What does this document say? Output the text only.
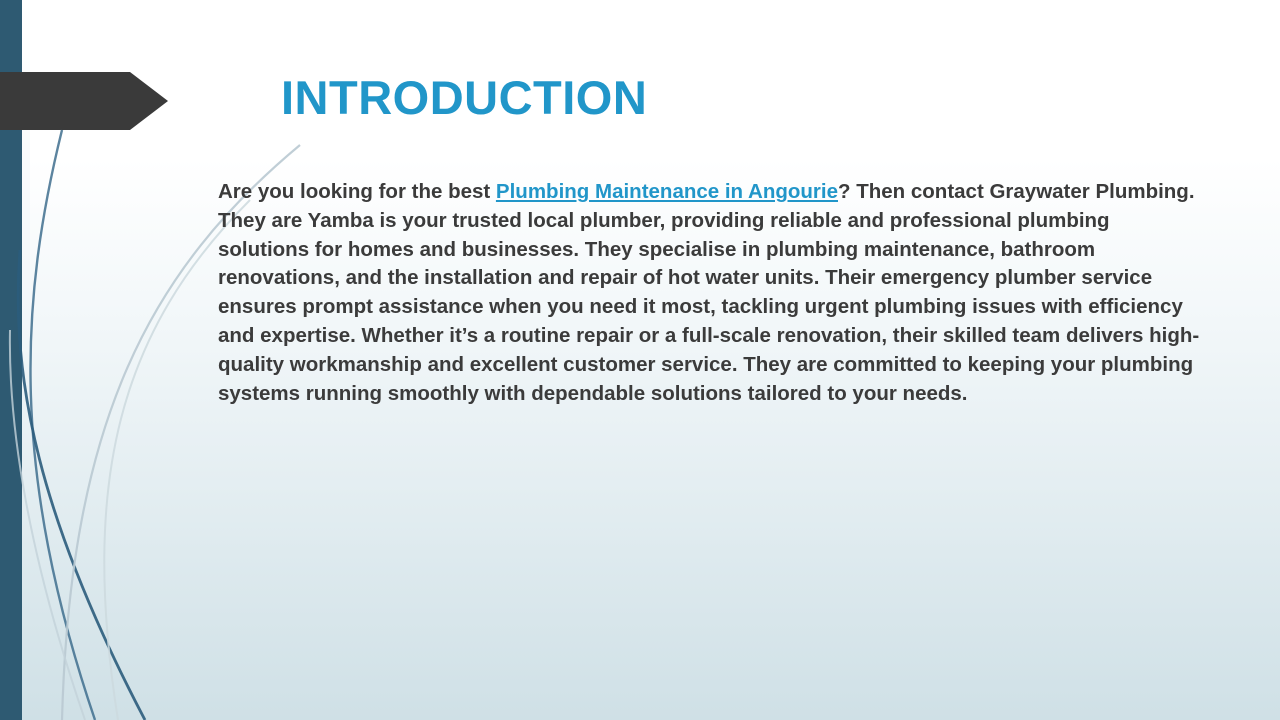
INTRODUCTION
Are you looking for the best Plumbing Maintenance in Angourie? Then contact Graywater Plumbing. They are Yamba is your trusted local plumber, providing reliable and professional plumbing solutions for homes and businesses. They specialise in plumbing maintenance, bathroom renovations, and the installation and repair of hot water units. Their emergency plumber service ensures prompt assistance when you need it most, tackling urgent plumbing issues with efficiency and expertise. Whether it’s a routine repair or a full-scale renovation, their skilled team delivers high-quality workmanship and excellent customer service. They are committed to keeping your plumbing systems running smoothly with dependable solutions tailored to your needs.
